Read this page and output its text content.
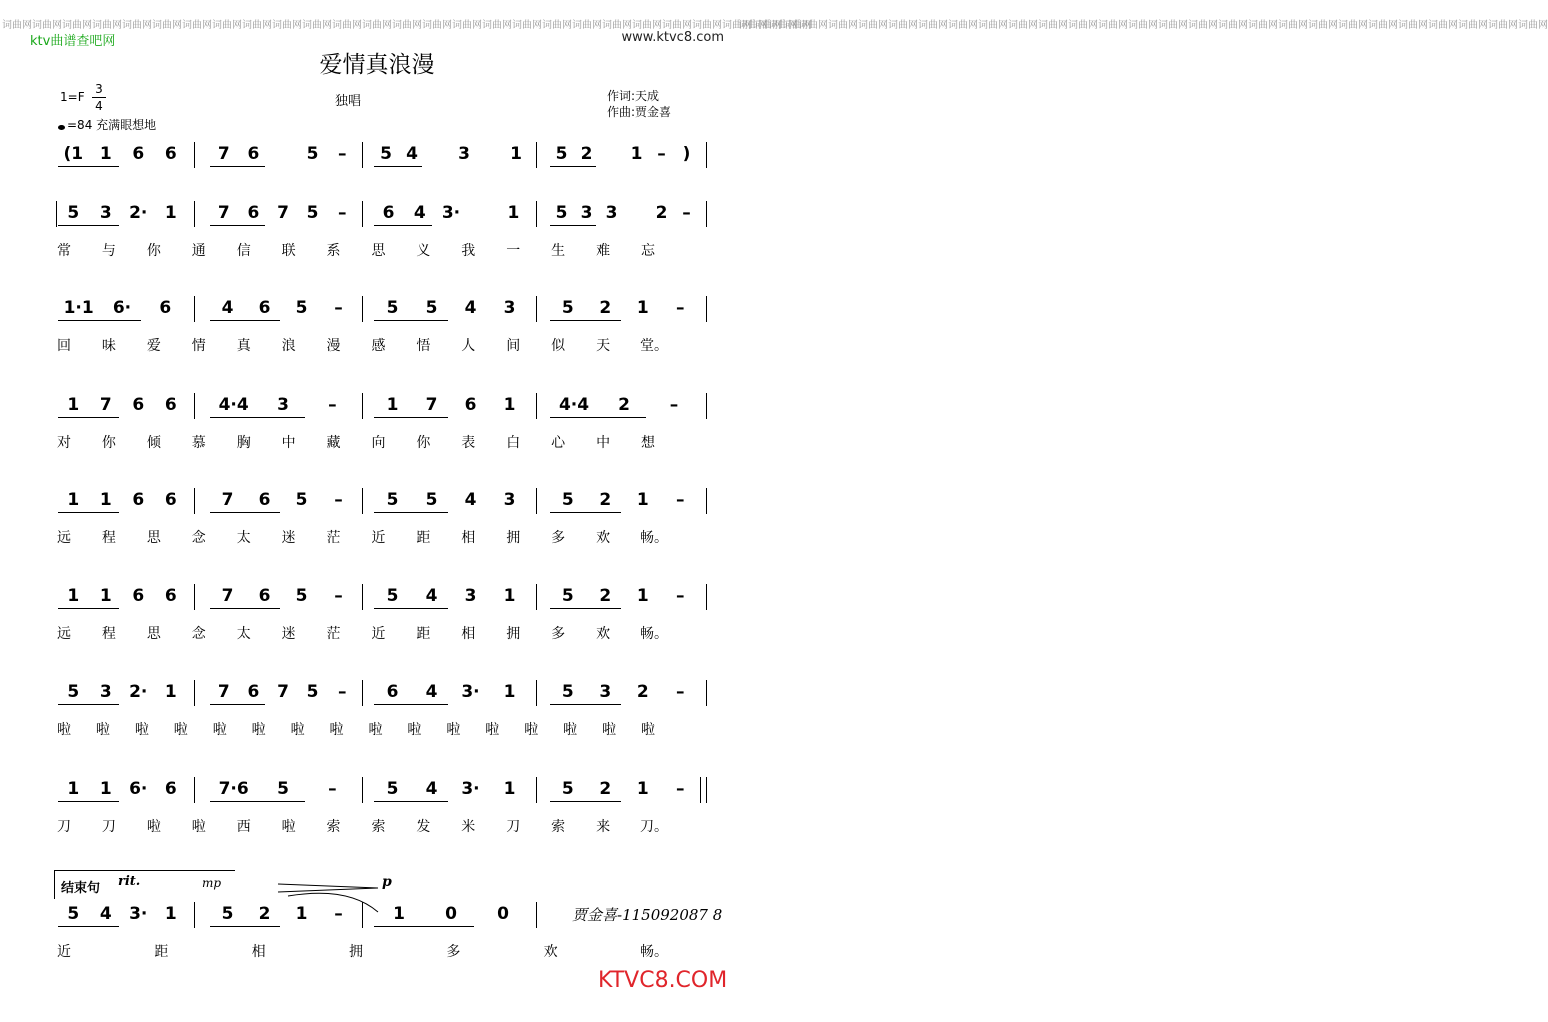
词曲网词曲网词曲网词曲网词曲网词曲网词曲网词曲网词曲网词曲网词曲网词曲网词曲网词曲网词曲网词曲网词曲网词曲网词曲网词曲网词曲网词曲网词曲网词曲网词曲网词曲网词曲网
词曲网词曲网词曲网词曲网词曲网词曲网词曲网词曲网词曲网词曲网词曲网词曲网词曲网词曲网词曲网词曲网词曲网词曲网词曲网词曲网词曲网词曲网词曲网词曲网词曲网词曲网词曲网
ktv曲谱查吧网	www.ktvc8.com
爱情真浪漫
1=F
3
4
=84 充满眼想地
独唱	作词:天成
作曲:贾金喜
(1 1	6	6	7	6	5	–	5 4	3	1	5 2	1 – )
5	3	2·	1	7	6	7	5	–	6	4 3·	1	5 3 3	2 –
常 与 你 通 信 联 系 思 义 我 一 生 难 忘
1·1	6·	6	4	6	5	–	5	5	4	3	5	2	1	–
回 味 爱 情 真 浪 漫 感 悟 人 间 似 天 堂。
1	7	6	6	4·4	3	–	1	7	6	1	4·4	2	–
对 你 倾 慕 胸 中 藏 向 你 表 白 心 中 想
1	1	6	6	7	6	5	–	5	5	4	3	5	2	1	–
远 程 思 念 太 迷 茫 近 距 相 拥 多 欢 畅。
1	1	6	6	7	6	5	–	5	4	3	1	5	2	1	–
远 程 思 念 太 迷 茫 近 距 相 拥 多 欢 畅。
5	3	2·	1	7	6	7	5	–	6	4	3·	1	5	3	2	–
啦 啦 啦 啦 啦 啦 啦 啦 啦 啦 啦 啦 啦 啦 啦 啦
1	1	6·	6	7·6	5	–	5	4	3·	1	5	2	1	–
刀 刀 啦 啦 西 啦 索 索 发 米 刀 索 来 刀。
5	4	3·	1	5	2	1	–	1	0	0
近	距	相	拥	多	欢	畅。
结束句 rit.	mp	p
贾金喜-115092087 8
KTVC8.COM
